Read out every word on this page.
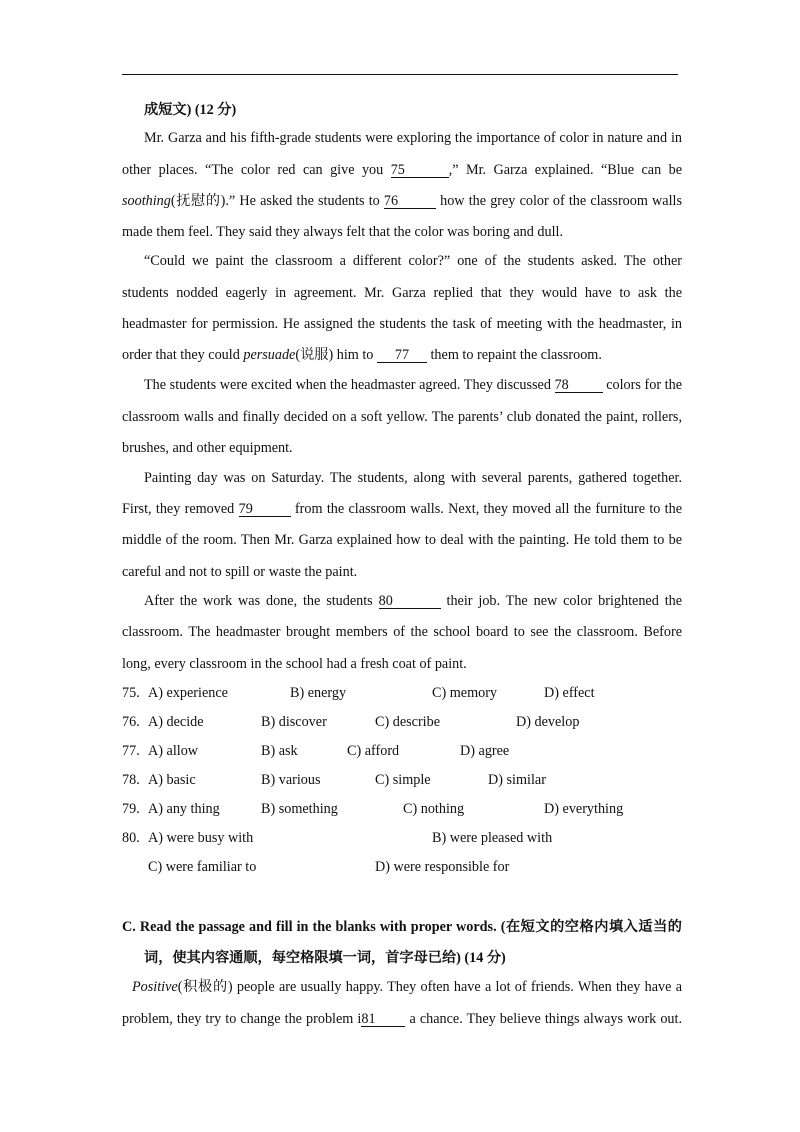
成短文) (12 分)
Mr. Garza and his fifth-grade students were exploring the importance of color in nature and in
other places. “The color red can give you 75	,” Mr. Garza explained. “Blue can be
soothing(抚慰的).” He asked the students to 76	how the grey color of the classroom walls
made them feel. They said they always felt that the color was boring and dull.
“Could we paint the classroom a different color?” one of the students asked. The other
students nodded eagerly in agreement. Mr. Garza replied that they would have to ask the
headmaster for permission. He assigned the students the task of meeting with the headmaster, in
order that they could persuade(说服) him to 77 them to repaint the classroom.
The students were excited when the headmaster agreed. They discussed 78	colors for the
classroom walls and finally decided on a soft yellow. The parents’ club donated the paint, rollers,
brushes, and other equipment.
Painting day was on Saturday. The students, along with several parents, gathered together.
First, they removed 79	from the classroom walls. Next, they moved all the furniture to the
middle of the room. Then Mr. Garza explained how to deal with the painting. He told them to be
careful and not to spill or waste the paint.
After the work was done, the students 80	their job. The new color brightened the
classroom. The headmaster brought members of the school board to see the classroom. Before
long, every classroom in the school had a fresh coat of paint.
75. A) experience	B) energy	C) memory	D) effect
76. A) decide	B) discover	C) describe	D) develop
77. A) allow	B) ask	C) afford	D) agree
78. A) basic	B) various	C) simple	D) similar
79. A) any thing	B) something	C) nothing	D) everything
80. A) were busy with	B) were pleased with
C) were familiar to	D) were responsible for
C. Read the passage and fill in the blanks with proper words. (在短文的空格内填入适当的
词，使其内容通顺，每空格限填一词，首字母已给) (14 分)
Positive(积极的) people are usually happy. They often have a lot of friends. When they have a
problem, they try to change the problem i81 a chance. They believe things always work out.
